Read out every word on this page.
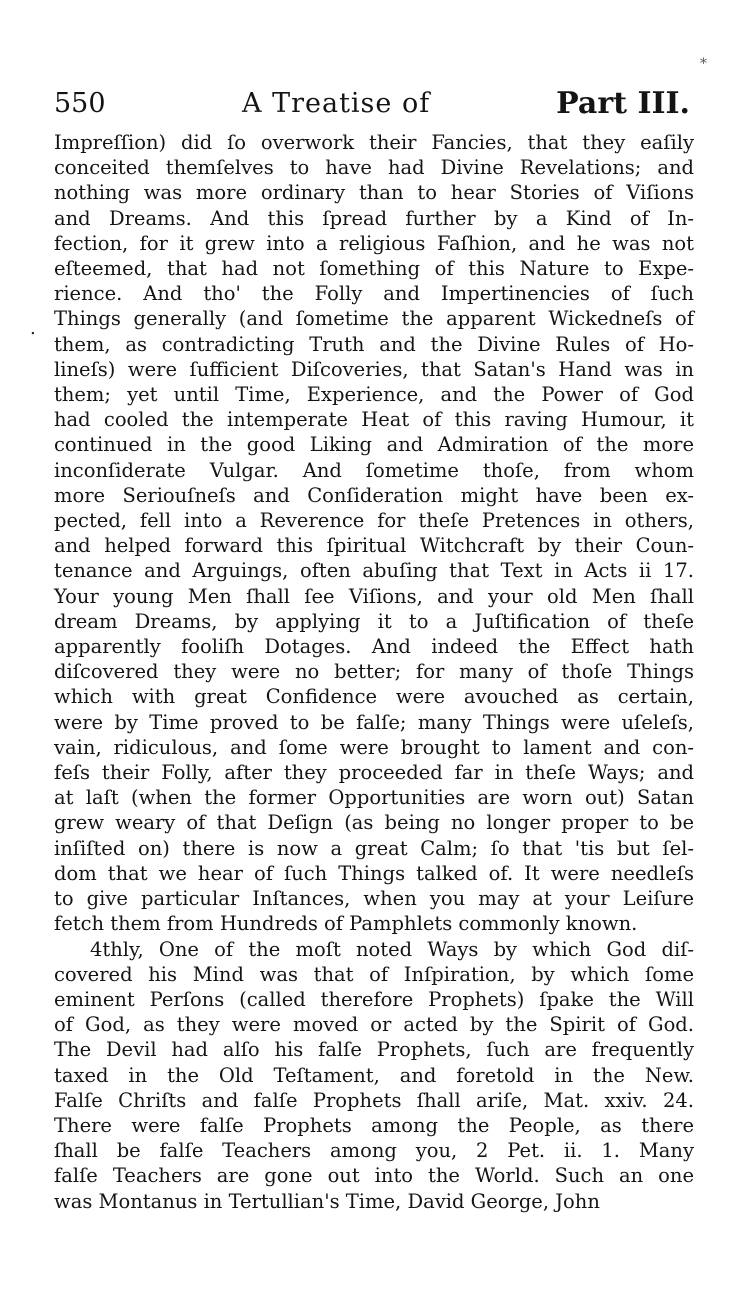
*
550	A Treatise of	Part III.
.
Impreſſion) did ſo overwork their Fancies, that they eaſily
conceited themſelves to have had Divine Revelations; and
nothing was more ordinary than to hear Stories of Viſions
and Dreams. And this ſpread further by a Kind of In-
fection, for it grew into a religious Faſhion, and he was not
eſteemed, that had not ſomething of this Nature to Expe-
rience. And tho' the Folly and Impertinencies of ſuch
Things generally (and ſometime the apparent Wickedneſs of
them, as contradicting Truth and the Divine Rules of Ho-
lineſs) were ſufficient Diſcoveries, that Satan's Hand was in
them; yet until Time, Experience, and the Power of God
had cooled the intemperate Heat of this raving Humour, it
continued in the good Liking and Admiration of the more
inconſiderate Vulgar. And ſometime thoſe, from whom
more Seriouſneſs and Conſideration might have been ex-
pected, fell into a Reverence for theſe Pretences in others,
and helped forward this ſpiritual Witchcraft by their Coun-
tenance and Arguings, often abuſing that Text in Acts ii 17.
Your young Men ſhall ſee Viſions, and your old Men ſhall
dream Dreams, by applying it to a Juſtification of theſe
apparently fooliſh Dotages. And indeed the Effect hath
diſcovered they were no better; for many of thoſe Things
which with great Confidence were avouched as certain,
were by Time proved to be falſe; many Things were uſeleſs,
vain, ridiculous, and ſome were brought to lament and con-
feſs their Folly, after they proceeded far in theſe Ways; and
at laſt (when the former Opportunities are worn out) Satan
grew weary of that Deſign (as being no longer proper to be
inſiſted on) there is now a great Calm; ſo that 'tis but ſel-
dom that we hear of ſuch Things talked of. It were needleſs
to give particular Inſtances, when you may at your Leiſure
fetch them from Hundreds of Pamphlets commonly known.
4thly, One of the moſt noted Ways by which God diſ-
covered his Mind was that of Inſpiration, by which ſome
eminent Perſons (called therefore Prophets) ſpake the Will
of God, as they were moved or acted by the Spirit of God.
The Devil had alſo his falſe Prophets, ſuch are frequently
taxed in the Old Teſtament, and foretold in the New.
Falſe Chriſts and falſe Prophets ſhall ariſe, Mat. xxiv. 24.
There were falſe Prophets among the People, as there
ſhall be falſe Teachers among you, 2 Pet. ii. 1. Many
falſe Teachers are gone out into the World. Such an one
was Montanus in Tertullian's Time, David George, John
